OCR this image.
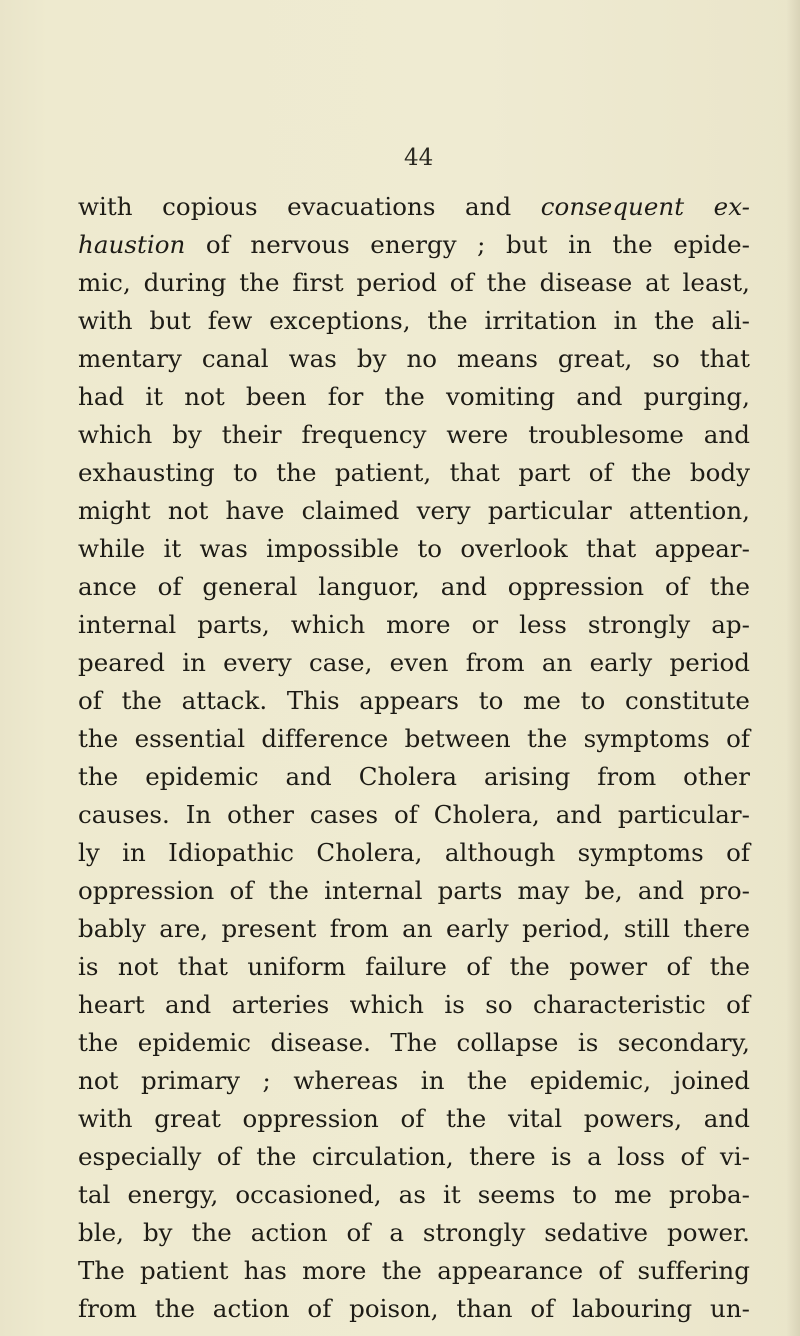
44
with copious evacuations and consequent ex-
haustion of nervous energy ; but in the epide-
mic, during the first period of the disease at least,
with but few exceptions, the irritation in the ali-
mentary canal was by no means great, so that
had it not been for the vomiting and purging,
which by their frequency were troublesome and
exhausting to the patient, that part of the body
might not have claimed very particular attention,
while it was impossible to overlook that appear-
ance of general languor, and oppression of the
internal parts, which more or less strongly ap-
peared in every case, even from an early period
of the attack. This appears to me to constitute
the essential difference between the symptoms of
the epidemic and Cholera arising from other
causes. In other cases of Cholera, and particular-
ly in Idiopathic Cholera, although symptoms of
oppression of the internal parts may be, and pro-
bably are, present from an early period, still there
is not that uniform failure of the power of the
heart and arteries which is so characteristic of
the epidemic disease. The collapse is secondary,
not primary ; whereas in the epidemic, joined
with great oppression of the vital powers, and
especially of the circulation, there is a loss of vi-
tal energy, occasioned, as it seems to me proba-
ble, by the action of a strongly sedative power.
The patient has more the appearance of suffering
from the action of poison, than of labouring un-
